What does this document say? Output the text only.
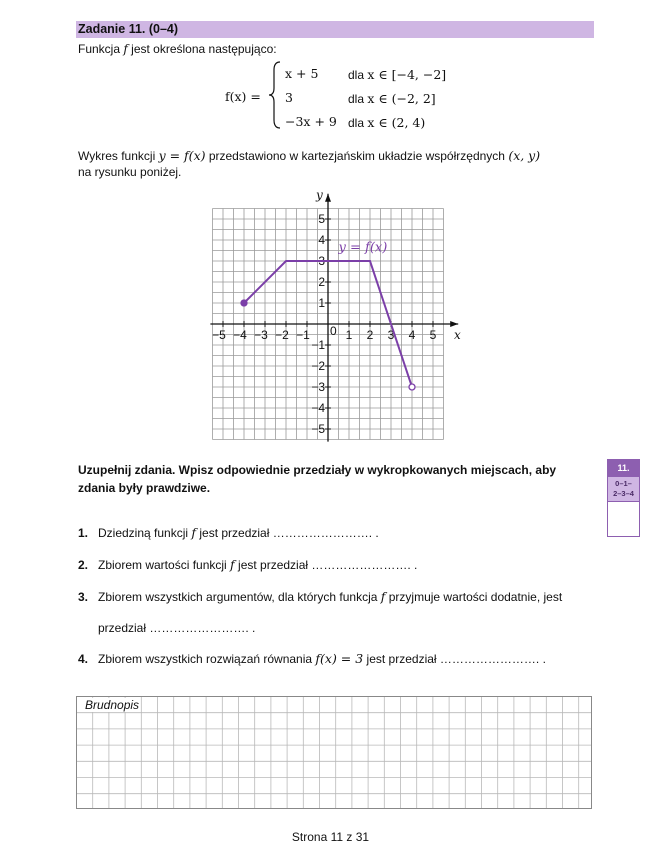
Zadanie 11. (0–4)
Funkcja f jest określona następująco:
f(x) =
x + 5
3
−3x + 9
dla x ∈ [−4, −2]
dla x ∈ (−2, 2]
dla x ∈ (2, 4)
Wykres funkcji y = f(x) przedstawiono w kartezjańskim układzie współrzędnych (x, y)
na rysunku poniżej.
x
y
−5 −4 −3 −2 −1 0 1 2 3 4 5
5
4
3
2
1
−1
−2
−3
−4
−5
y = f(x)
Uzupełnij zdania. Wpisz odpowiednie przedziały w wykropkowanych miejscach, aby zdania były prawdziwe.
1. Dziedziną funkcji f jest przedział ……………………. .
2. Zbiorem wartości funkcji f jest przedział ……………………. .
3. Zbiorem wszystkich argumentów, dla których funkcja f przyjmuje wartości dodatnie, jest
przedział ……………………. .
4. Zbiorem wszystkich rozwiązań równania f(x) = 3 jest przedział ……………………. .
11.
0–1–
2–3–4
Brudnopis
Strona 11 z 31
